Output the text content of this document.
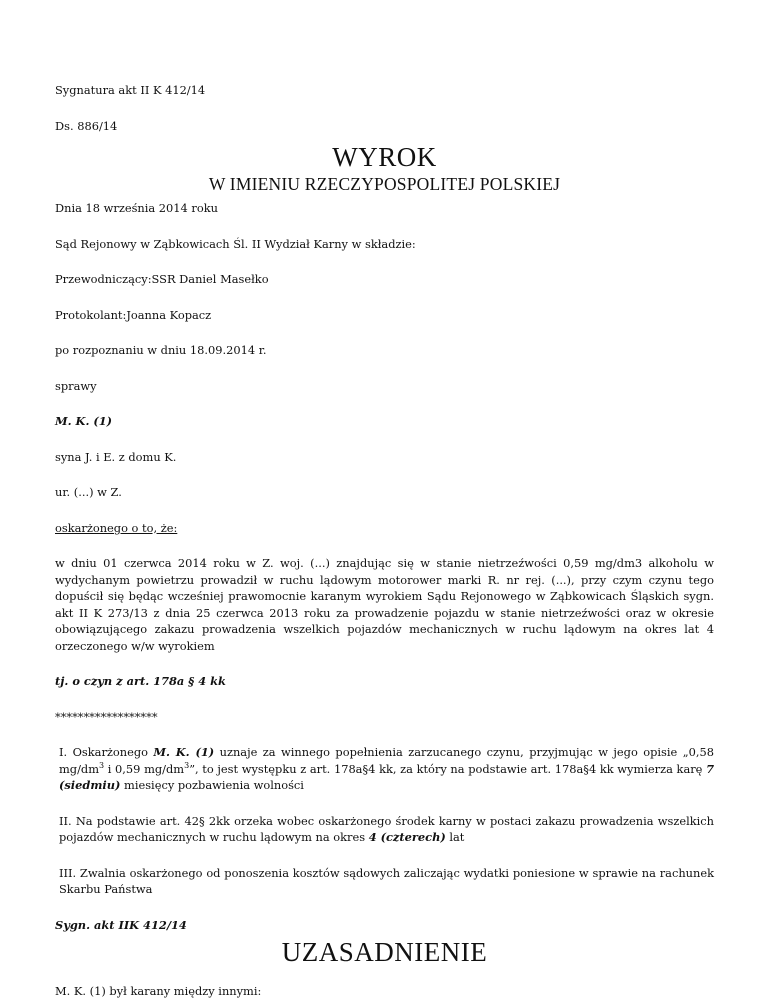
Sygnatura akt II K 412/14

Ds. 886/14

WYROK
W IMIENIU RZECZYPOSPOLITEJ POLSKIEJ

Dnia 18 września 2014 roku

Sąd Rejonowy w Ząbkowicach Śl. II Wydział Karny w składzie:

Przewodniczący:SSR Daniel Masełko

Protokolant:Joanna Kopacz

po rozpoznaniu w dniu 18.09.2014 r.

sprawy

M. K. (1)

syna J. i E. z domu K.

ur. (...) w Z.

oskarżonego o to, że:

w dniu 01 czerwca 2014 roku w Z. woj. (...) znajdując się w stanie nietrzeźwości 0,59 mg/dm3 alkoholu w wydychanym powietrzu prowadził w ruchu lądowym motorower marki R. nr rej. (...), przy czym czynu tego dopuścił się będąc wcześniej prawomocnie karanym wyrokiem Sądu Rejonowego w Ząbkowicach Śląskich sygn. akt II K 273/13 z dnia 25 czerwca 2013 roku za prowadzenie pojazdu w stanie nietrzeźwości oraz w okresie obowiązującego zakazu prowadzenia wszelkich pojazdów mechanicznych w ruchu lądowym na okres lat 4 orzeczonego w/w wyrokiem

tj. o czyn z art. 178a § 4 kk

******************

I. Oskarżonego M. K. (1) uznaje za winnego popełnienia zarzucanego czynu, przyjmując w jego opisie „0,58 $mg/dm^3$ i 0,59 $mg/dm^3$”, to jest występku z art. 178a§4 kk, za który na podstawie art. 178a§4 kk wymierza karę 7 (siedmiu) miesięcy pozbawienia wolności

II. Na podstawie art. 42§ 2kk orzeka wobec oskarżonego środek karny w postaci zakazu prowadzenia wszelkich pojazdów mechanicznych w ruchu lądowym na okres 4 (czterech) lat

III. Zwalnia oskarżonego od ponoszenia kosztów sądowych zaliczając wydatki poniesione w sprawie na rachunek Skarbu Państwa

Sygn. akt IIK 412/14

UZASADNIENIE

M. K. (1) był karany między innymi:
